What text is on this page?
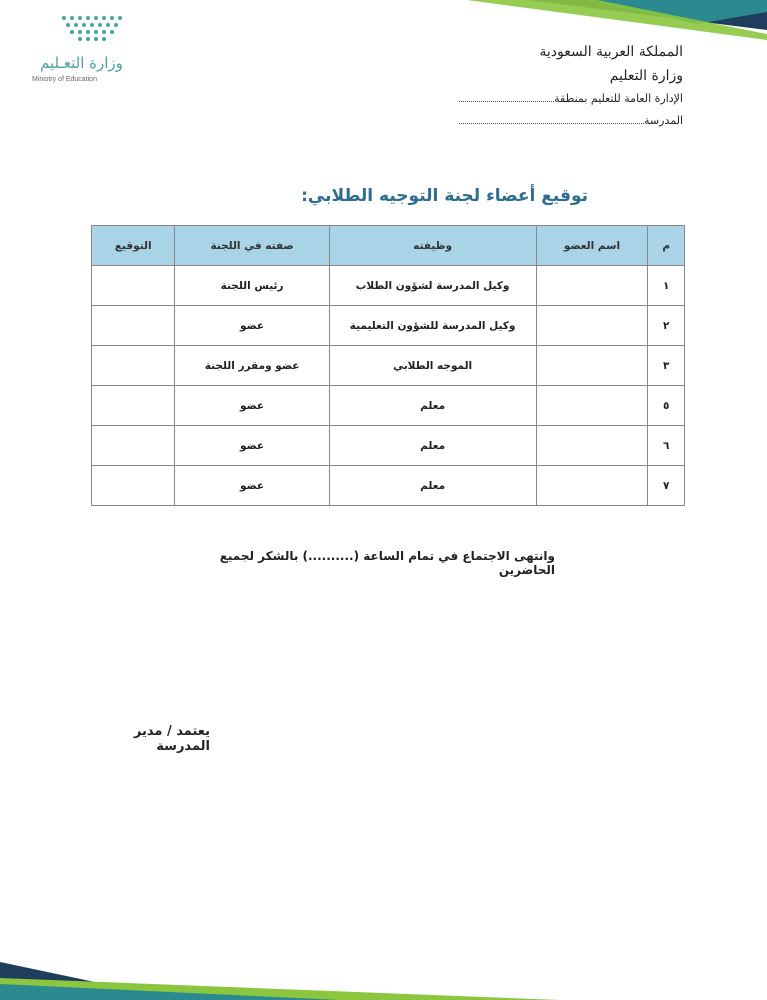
وزارة التعـليم
Ministry of Education
المملكة العربية السعودية
وزارة التعليم
الإدارة العامة للتعليم بمنطقة
المدرسة
توقيع أعضاء لجنة التوجيه الطلابي:
م	اسم العضو	وظيفته	صفته في اللجنة	التوقيع
١		وكيل المدرسة لشؤون الطلاب	رئيس اللجنة	
٢		وكيل المدرسة للشؤون التعليمية	عضو	
٣		الموجه الطلابي	عضو ومقرر اللجنة	
٥		معلم	عضو	
٦		معلم	عضو	
٧		معلم	عضو	
وانتهى الاجتماع في تمام الساعة (..........) بالشكر لجميع الحاضرين
يعتمد / مدير المدرسة
